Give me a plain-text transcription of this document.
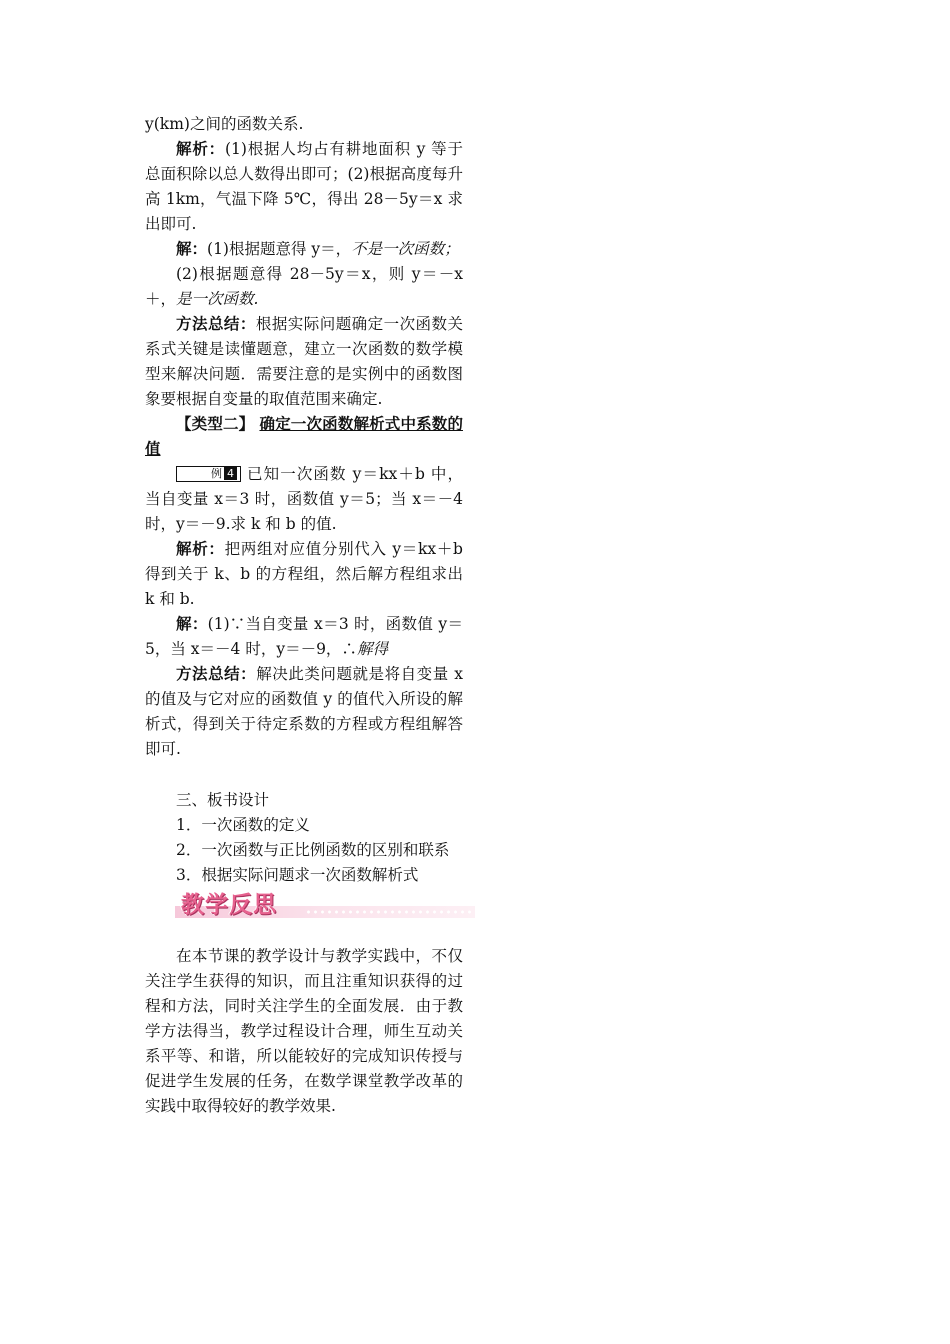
y(km)之间的函数关系.

解析：(1)根据人均占有耕地面积 y 等于总面积除以总人数得出即可；(2)根据高度每升高 1km，气温下降 5℃，得出 28－5y＝x 求出即可.

解：(1)根据题意得 y＝，不是一次函数；

(2)根据题意得 28－5y＝x，则 y＝－x＋，是一次函数.

方法总结：根据实际问题确定一次函数关系式关键是读懂题意，建立一次函数的数学模型来解决问题．需要注意的是实例中的函数图象要根据自变量的取值范围来确定.

【类型二】 确定一次函数解析式中系数的值

例 4 已知一次函数 y＝kx＋b 中，当自变量 x＝3 时，函数值 y＝5；当 x＝－4 时，y＝－9.求 k 和 b 的值.

解析：把两组对应值分别代入 y＝kx＋b 得到关于 k、b 的方程组，然后解方程组求出 k 和 b.

解：(1)∵当自变量 x＝3 时，函数值 y＝5，当 x＝－4 时，y＝－9，∴解得

方法总结：解决此类问题就是将自变量 x 的值及与它对应的函数值 y 的值代入所设的解析式，得到关于待定系数的方程或方程组解答即可.

三、板书设计

1．一次函数的定义

2．一次函数与正比例函数的区别和联系

3．根据实际问题求一次函数解析式

教学反思

在本节课的教学设计与教学实践中，不仅关注学生获得的知识，而且注重知识获得的过程和方法，同时关注学生的全面发展．由于教学方法得当，教学过程设计合理，师生互动关系平等、和谐，所以能较好的完成知识传授与促进学生发展的任务，在数学课堂教学改革的实践中取得较好的教学效果.
